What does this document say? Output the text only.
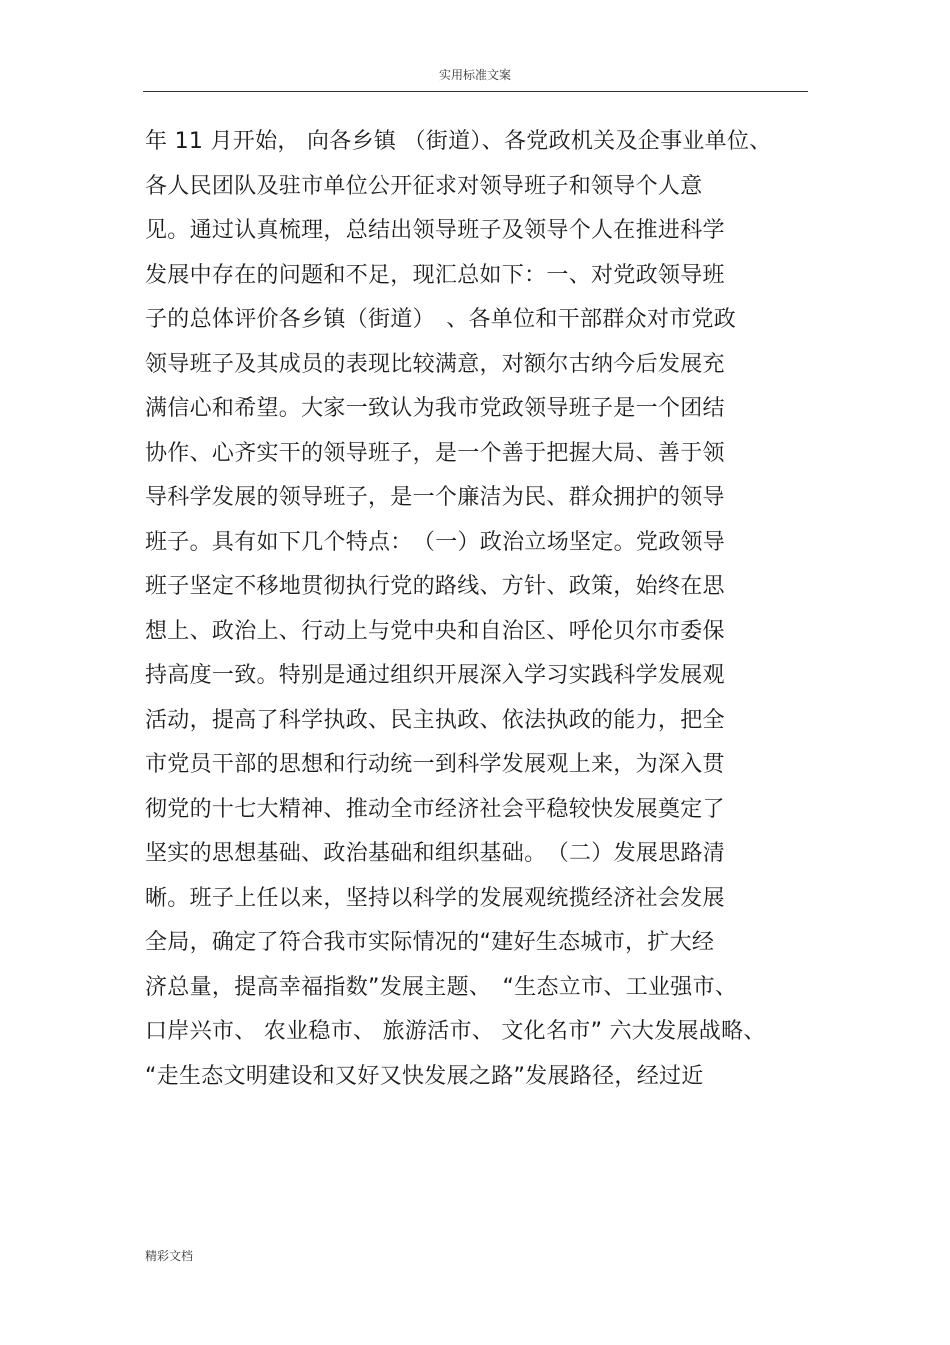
实用标准文案
年 11 月开始， 向各乡镇 （街道）、各党政机关及企事业单位、
各人民团队及驻市单位公开征求对领导班子和领导个人意
见。通过认真梳理，总结出领导班子及领导个人在推进科学
发展中存在的问题和不足，现汇总如下：一、对党政领导班
子的总体评价各乡镇（街道）　、各单位和干部群众对市党政
领导班子及其成员的表现比较满意，对额尔古纳今后发展充
满信心和希望。大家一致认为我市党政领导班子是一个团结
协作、心齐实干的领导班子，是一个善于把握大局、善于领
导科学发展的领导班子，是一个廉洁为民、群众拥护的领导
班子。具有如下几个特点：　（一）政治立场坚定。党政领导
班子坚定不移地贯彻执行党的路线、方针、政策，始终在思
想上、政治上、行动上与党中央和自治区、呼伦贝尔市委保
持高度一致。特别是通过组织开展深入学习实践科学发展观
活动，提高了科学执政、民主执政、依法执政的能力，把全
市党员干部的思想和行动统一到科学发展观上来，为深入贯
彻党的十七大精神、推动全市经济社会平稳较快发展奠定了
坚实的思想基础、政治基础和组织基础。　（二）发展思路清
晰。班子上任以来，坚持以科学的发展观统揽经济社会发展
全局，确定了符合我市实际情况的“建好生态城市，扩大经
济总量，提高幸福指数”发展主题、　“生态立市、工业强市、
口岸兴市、 农业稳市、 旅游活市、 文化名市” 六大发展战略、
“走生态文明建设和又好又快发展之路”发展路径，经过近
精彩文档
